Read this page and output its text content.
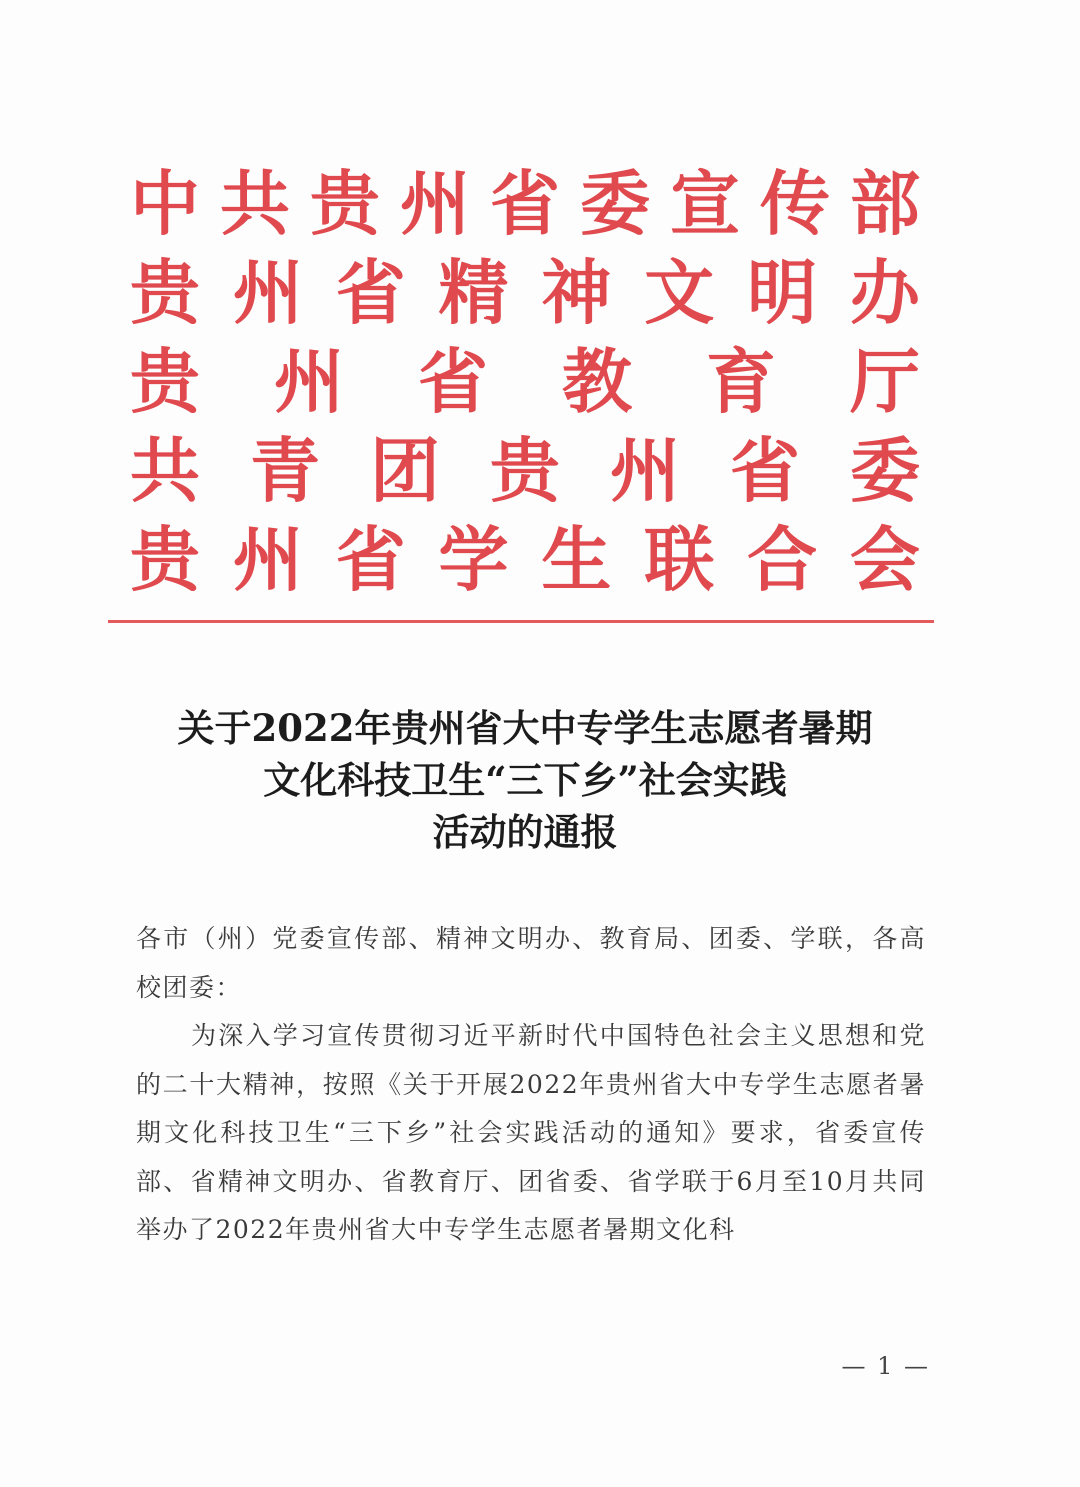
中 共 贵 州 省 委 宣 传 部
贵 州 省 精 神 文 明 办
贵 州 省 教 育 厅
共 青 团 贵 州 省 委
贵 州 省 学 生 联 合 会
关于2022年贵州省大中专学生志愿者暑期
文化科技卫生“三下乡”社会实践
活动的通报

各市（州）党委宣传部、精神文明办、教育局、团委、学联，各高校团委：

为深入学习宣传贯彻习近平新时代中国特色社会主义思想和党的二十大精神，按照《关于开展2022年贵州省大中专学生志愿者暑期文化科技卫生“三下乡”社会实践活动的通知》要求，省委宣传部、省精神文明办、省教育厅、团省委、省学联于6月至10月共同举办了2022年贵州省大中专学生志愿者暑期文化科

— 1 —
